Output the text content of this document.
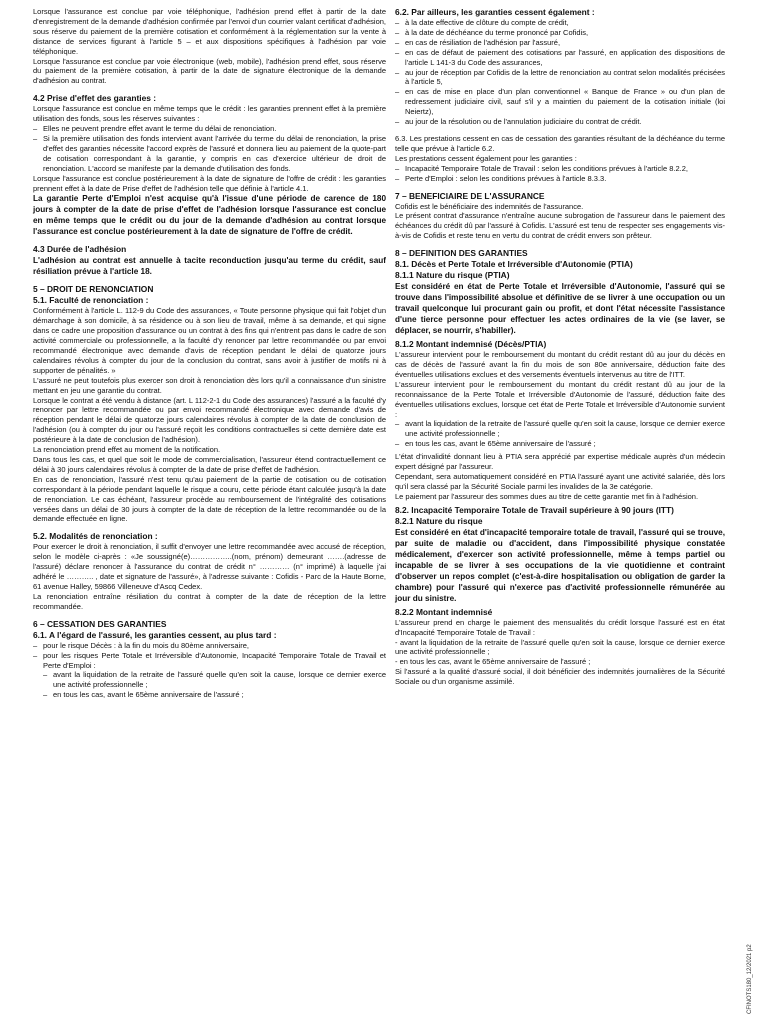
Lorsque l'assurance est conclue par voie téléphonique, l'adhésion prend effet à partir de la date d'enregistrement de la demande d'adhésion confirmée par l'envoi d'un courrier valant certificat d'adhésion, sous réserve du paiement de la première cotisation et conformément à la réglementation sur la vente à distance de services figurant à l'article 5 – et aux dispositions spécifiques à l'adhésion par voie téléphonique.

Lorsque l'assurance est conclue par voie électronique (web, mobile), l'adhésion prend effet, sous réserve du paiement de la première cotisation, à partir de la date de signature électronique de la demande d'adhésion au contrat.

4.2 Prise d'effet des garanties :

Lorsque l'assurance est conclue en même temps que le crédit : les garanties prennent effet à la première utilisation des fonds, sous les réserves suivantes :

– Elles ne peuvent prendre effet avant le terme du délai de renonciation.
– Si la première utilisation des fonds intervient avant l'arrivée du terme du délai de renonciation, la prise d'effet des garanties nécessite l'accord exprès de l'assuré et donnera lieu au paiement de la quote-part de cotisation correspondant à la garantie, y compris en cas d'exercice ultérieur de droit de renonciation. L'accord se manifeste par la demande d'utilisation des fonds.

Lorsque l'assurance est conclue postérieurement à la date de signature de l'offre de crédit : les garanties prennent effet à la date de Prise d'effet de l'adhésion telle que définie à l'article 4.1.

La garantie Perte d'Emploi n'est acquise qu'à l'issue d'une période de carence de 180 jours à compter de la date de prise d'effet de l'adhésion lorsque l'assurance est conclue en même temps que le crédit ou du jour de la demande d'adhésion au contrat lorsque l'assurance est conclue postérieurement à la date de signature de l'offre de crédit.

4.3 Durée de l'adhésion

L'adhésion au contrat est annuelle à tacite reconduction jusqu'au terme du crédit, sauf résiliation prévue à l'article 18.

5 – DROIT DE RENONCIATION
5.1. Faculté de renonciation :

Conformément à l'article L. 112-9 du Code des assurances, « Toute personne physique qui fait l'objet d'un démarchage à son domicile, à sa résidence ou à son lieu de travail, même à sa demande, et qui signe dans ce cadre une proposition d'assurance ou un contrat à des fins qui n'entrent pas dans le cadre de son activité commerciale ou professionnelle, a la faculté d'y renoncer par lettre recommandée ou par envoi recommandé électronique avec demande d'avis de réception pendant le délai de quatorze jours calendaires révolus à compter du jour de la conclusion du contrat, sans avoir à justifier de motifs ni à supporter de pénalités. »

L'assuré ne peut toutefois plus exercer son droit à renonciation dès lors qu'il a connaissance d'un sinistre mettant en jeu une garantie du contrat.

Lorsque le contrat a été vendu à distance (art. L 112-2-1 du Code des assurances) l'assuré a la faculté d'y renoncer par lettre recommandée ou par envoi recommandé électronique avec demande d'avis de réception pendant le délai de quatorze jours calendaires révolus à compter de la date de conclusion de l'adhésion (ou à compter du jour ou l'assuré reçoit les conditions contractuelles si cette dernière date est postérieure à la date de conclusion de l'adhésion).

La renonciation prend effet au moment de la notification.

Dans tous les cas, et quel que soit le mode de commercialisation, l'assureur étend contractuellement ce délai à 30 jours calendaires révolus à compter de la date de prise d'effet de l'adhésion.

En cas de renonciation, l'assuré n'est tenu qu'au paiement de la partie de cotisation ou de cotisation correspondant à la période pendant laquelle le risque a couru, cette période étant calculée jusqu'à la date de renonciation. Le cas échéant, l'assureur procède au remboursement de l'intégralité des cotisations versées dans un délai de 30 jours à compter de la date de réception de la lettre recommandée ou de la demande effectuée en ligne.

5.2. Modalités de renonciation :

Pour exercer le droit à renonciation, il suffit d'envoyer une lettre recommandée avec accusé de réception, selon le modèle ci-après : «Je soussigné(e)……………..(nom, prénom) demeurant …….(adresse de l'assuré) déclare renoncer à l'assurance du contrat de crédit n° ………… (n° imprimé) à laquelle j'ai adhéré le ……….. , date et signature de l'assuré», à l'adresse suivante : Cofidis - Parc de la Haute Borne, 61 avenue Halley, 59866 Villeneuve d'Ascq Cedex.

La renonciation entraîne résiliation du contrat à compter de la date de réception de la lettre recommandée.

6 – CESSATION DES GARANTIES
6.1. A l'égard de l'assuré, les garanties cessent, au plus tard :
– pour le risque Décès : à la fin du mois du 80ème anniversaire,
– pour les risques Perte Totale et Irréversible d'Autonomie, Incapacité Temporaire Totale de Travail et Perte d'Emploi :
– avant la liquidation de la retraite de l'assuré quelle qu'en soit la cause, lorsque ce dernier exerce une activité professionnelle ;
– en tous les cas, avant le 65ème anniversaire de l'assuré ;
6.2. Par ailleurs, les garanties cessent également :
– à la date effective de clôture du compte de crédit,
– à la date de déchéance du terme prononcé par Cofidis,
– en cas de résiliation de l'adhésion par l'assuré,
– en cas de défaut de paiement des cotisations par l'assuré, en application des dispositions de l'article L 141-3 du Code des assurances,
– au jour de réception par Cofidis de la lettre de renonciation au contrat selon modalités précisées à l'article 5,
– en cas de mise en place d'un plan conventionnel « Banque de France » ou d'un plan de redressement judiciaire civil, sauf s'il y a maintien du paiement de la cotisation initiale (loi Neiertz),
– au jour de la résolution ou de l'annulation judiciaire du contrat de crédit.

6.3. Les prestations cessent en cas de cessation des garanties résultant de la déchéance du terme telle que prévue à l'article 6.2.

Les prestations cessent également pour les garanties :

– Incapacité Temporaire Totale de Travail : selon les conditions prévues à l'article 8.2.2,
– Perte d'Emploi : selon les conditions prévues à l'article 8.3.3.
7 – BENEFICIAIRE DE L'ASSURANCE

Cofidis est le bénéficiaire des indemnités de l'assurance.

Le présent contrat d'assurance n'entraîne aucune subrogation de l'assureur dans le paiement des échéances du crédit dû par l'assuré à Cofidis. L'assuré est tenu de respecter ses engagements vis-à-vis de Cofidis et reste tenu en vertu du contrat de crédit envers son prêteur.

8 – DEFINITION DES GARANTIES
8.1. Décès et Perte Totale et Irréversible d'Autonomie (PTIA)
8.1.1 Nature du risque (PTIA)

Est considéré en état de Perte Totale et Irréversible d'Autonomie, l'assuré qui se trouve dans l'impossibilité absolue et définitive de se livrer à une occupation ou un travail quelconque lui procurant gain ou profit, et dont l'état nécessite l'assistance d'une tierce personne pour effectuer les actes ordinaires de la vie (se laver, se déplacer, se nourrir, s'habiller).

8.1.2 Montant indemnisé (Décès/PTIA)

L'assureur intervient pour le remboursement du montant du crédit restant dû au jour du décès en cas de décès de l'assuré avant la fin du mois de son 80e anniversaire, déduction faite des éventuelles utilisations exclues et des versements éventuels intervenus au titre de l'ITT.

L'assureur intervient pour le remboursement du montant du crédit restant dû au jour de la reconnaissance de la Perte Totale et Irréversible d'Autonomie de l'assuré, déduction faite des éventuelles utilisations exclues, lorsque cet état de Perte Totale et Irréversible d'Autonomie survient :

– avant la liquidation de la retraite de l'assuré quelle qu'en soit la cause, lorsque ce dernier exerce une activité professionnelle ;
– en tous les cas, avant le 65ème anniversaire de l'assuré ;

L'état d'invalidité donnant lieu à PTIA sera apprécié par expertise médicale auprès d'un médecin expert désigné par l'assureur.

Cependant, sera automatiquement considéré en PTIA l'assuré ayant une activité salariée, dès lors qu'il sera classé par la Sécurité Sociale parmi les invalides de la 3e catégorie.

Le paiement par l'assureur des sommes dues au titre de cette garantie met fin à l'adhésion.

8.2. Incapacité Temporaire Totale de Travail supérieure à 90 jours (ITT)
8.2.1 Nature du risque

Est considéré en état d'incapacité temporaire totale de travail, l'assuré qui se trouve, par suite de maladie ou d'accident, dans l'impossibilité physique constatée médicalement, d'exercer son activité professionnelle, même à temps partiel ou incapable de se livrer à ses occupations de la vie quotidienne et contraint d'observer un repos complet (c'est-à-dire hospitalisation ou obligation de garder la chambre) pour l'assuré qui n'exerce pas d'activité professionnelle rémunérée au jour du sinistre.

8.2.2 Montant indemnisé

L'assureur prend en charge le paiement des mensualités du crédit lorsque l'assuré est en état d'Incapacité Temporaire Totale de Travail :

- avant la liquidation de la retraite de l'assuré quelle qu'en soit la cause, lorsque ce dernier exerce une activité professionnelle ;

- en tous les cas, avant le 65ème anniversaire de l'assuré ;

Si l'assuré a la qualité d'assuré social, il doit bénéficier des indemnités journalières de la Sécurité Sociale ou d'un organisme assimilé.

CFINOTS180_12/2021 p2
